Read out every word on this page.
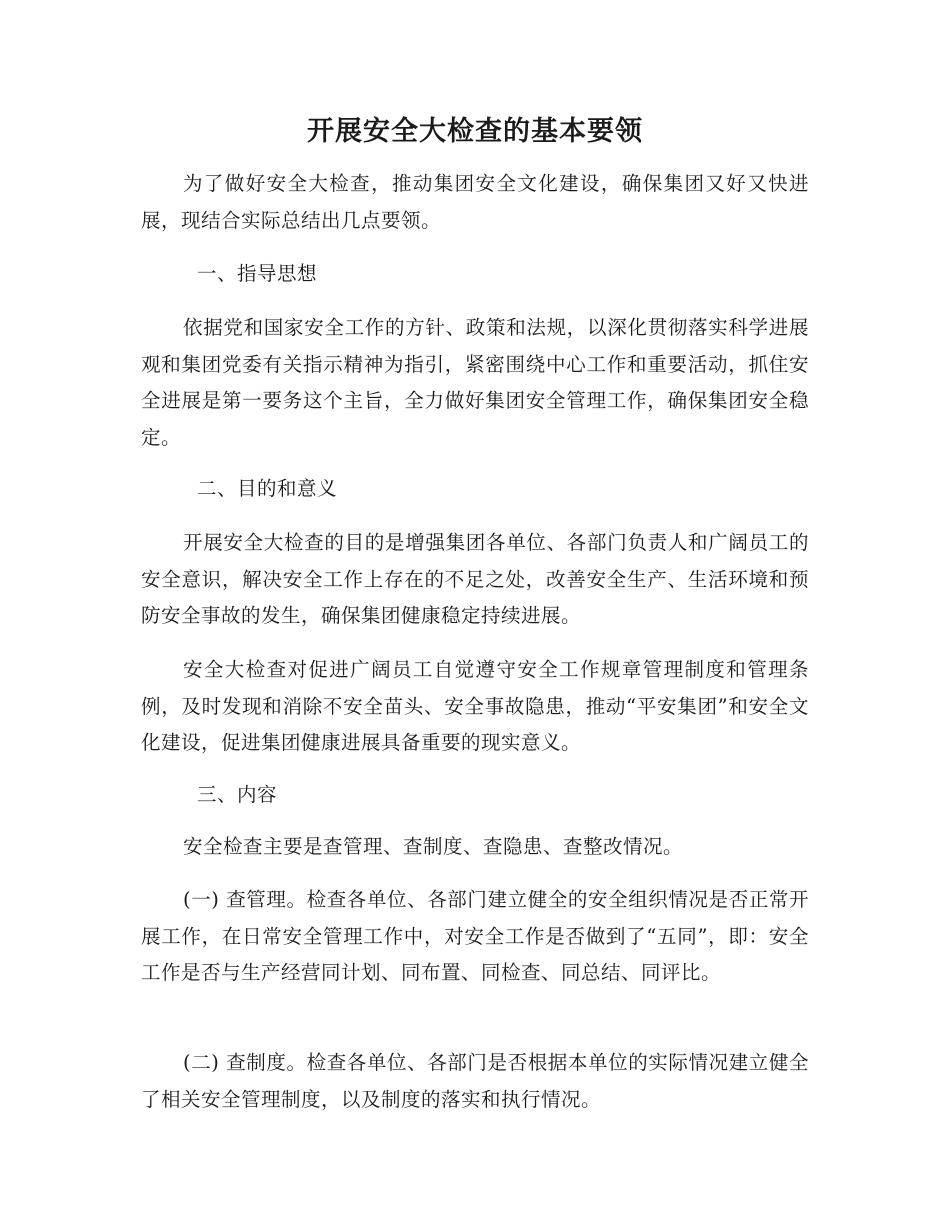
开展安全大检查的基本要领

为了做好安全大检查，推动集团安全文化建设，确保集团又好又快进展，现结合实际总结出几点要领。

一、指导思想

依据党和国家安全工作的方针、政策和法规，以深化贯彻落实科学进展观和集团党委有关指示精神为指引，紧密围绕中心工作和重要活动，抓住安全进展是第一要务这个主旨，全力做好集团安全管理工作，确保集团安全稳定。

二、目的和意义

开展安全大检查的目的是增强集团各单位、各部门负责人和广阔员工的安全意识，解决安全工作上存在的不足之处，改善安全生产、生活环境和预防安全事故的发生，确保集团健康稳定持续进展。

安全大检查对促进广阔员工自觉遵守安全工作规章管理制度和管理条例，及时发现和消除不安全苗头、安全事故隐患，推动“平安集团”和安全文化建设，促进集团健康进展具备重要的现实意义。

三、内容

安全检查主要是查管理、查制度、查隐患、查整改情况。

(一) 查管理。检查各单位、各部门建立健全的安全组织情况是否正常开展工作，在日常安全管理工作中，对安全工作是否做到了“五同”，即：安全工作是否与生产经营同计划、同布置、同检查、同总结、同评比。

(二) 查制度。检查各单位、各部门是否根据本单位的实际情况建立健全了相关安全管理制度，以及制度的落实和执行情况。
